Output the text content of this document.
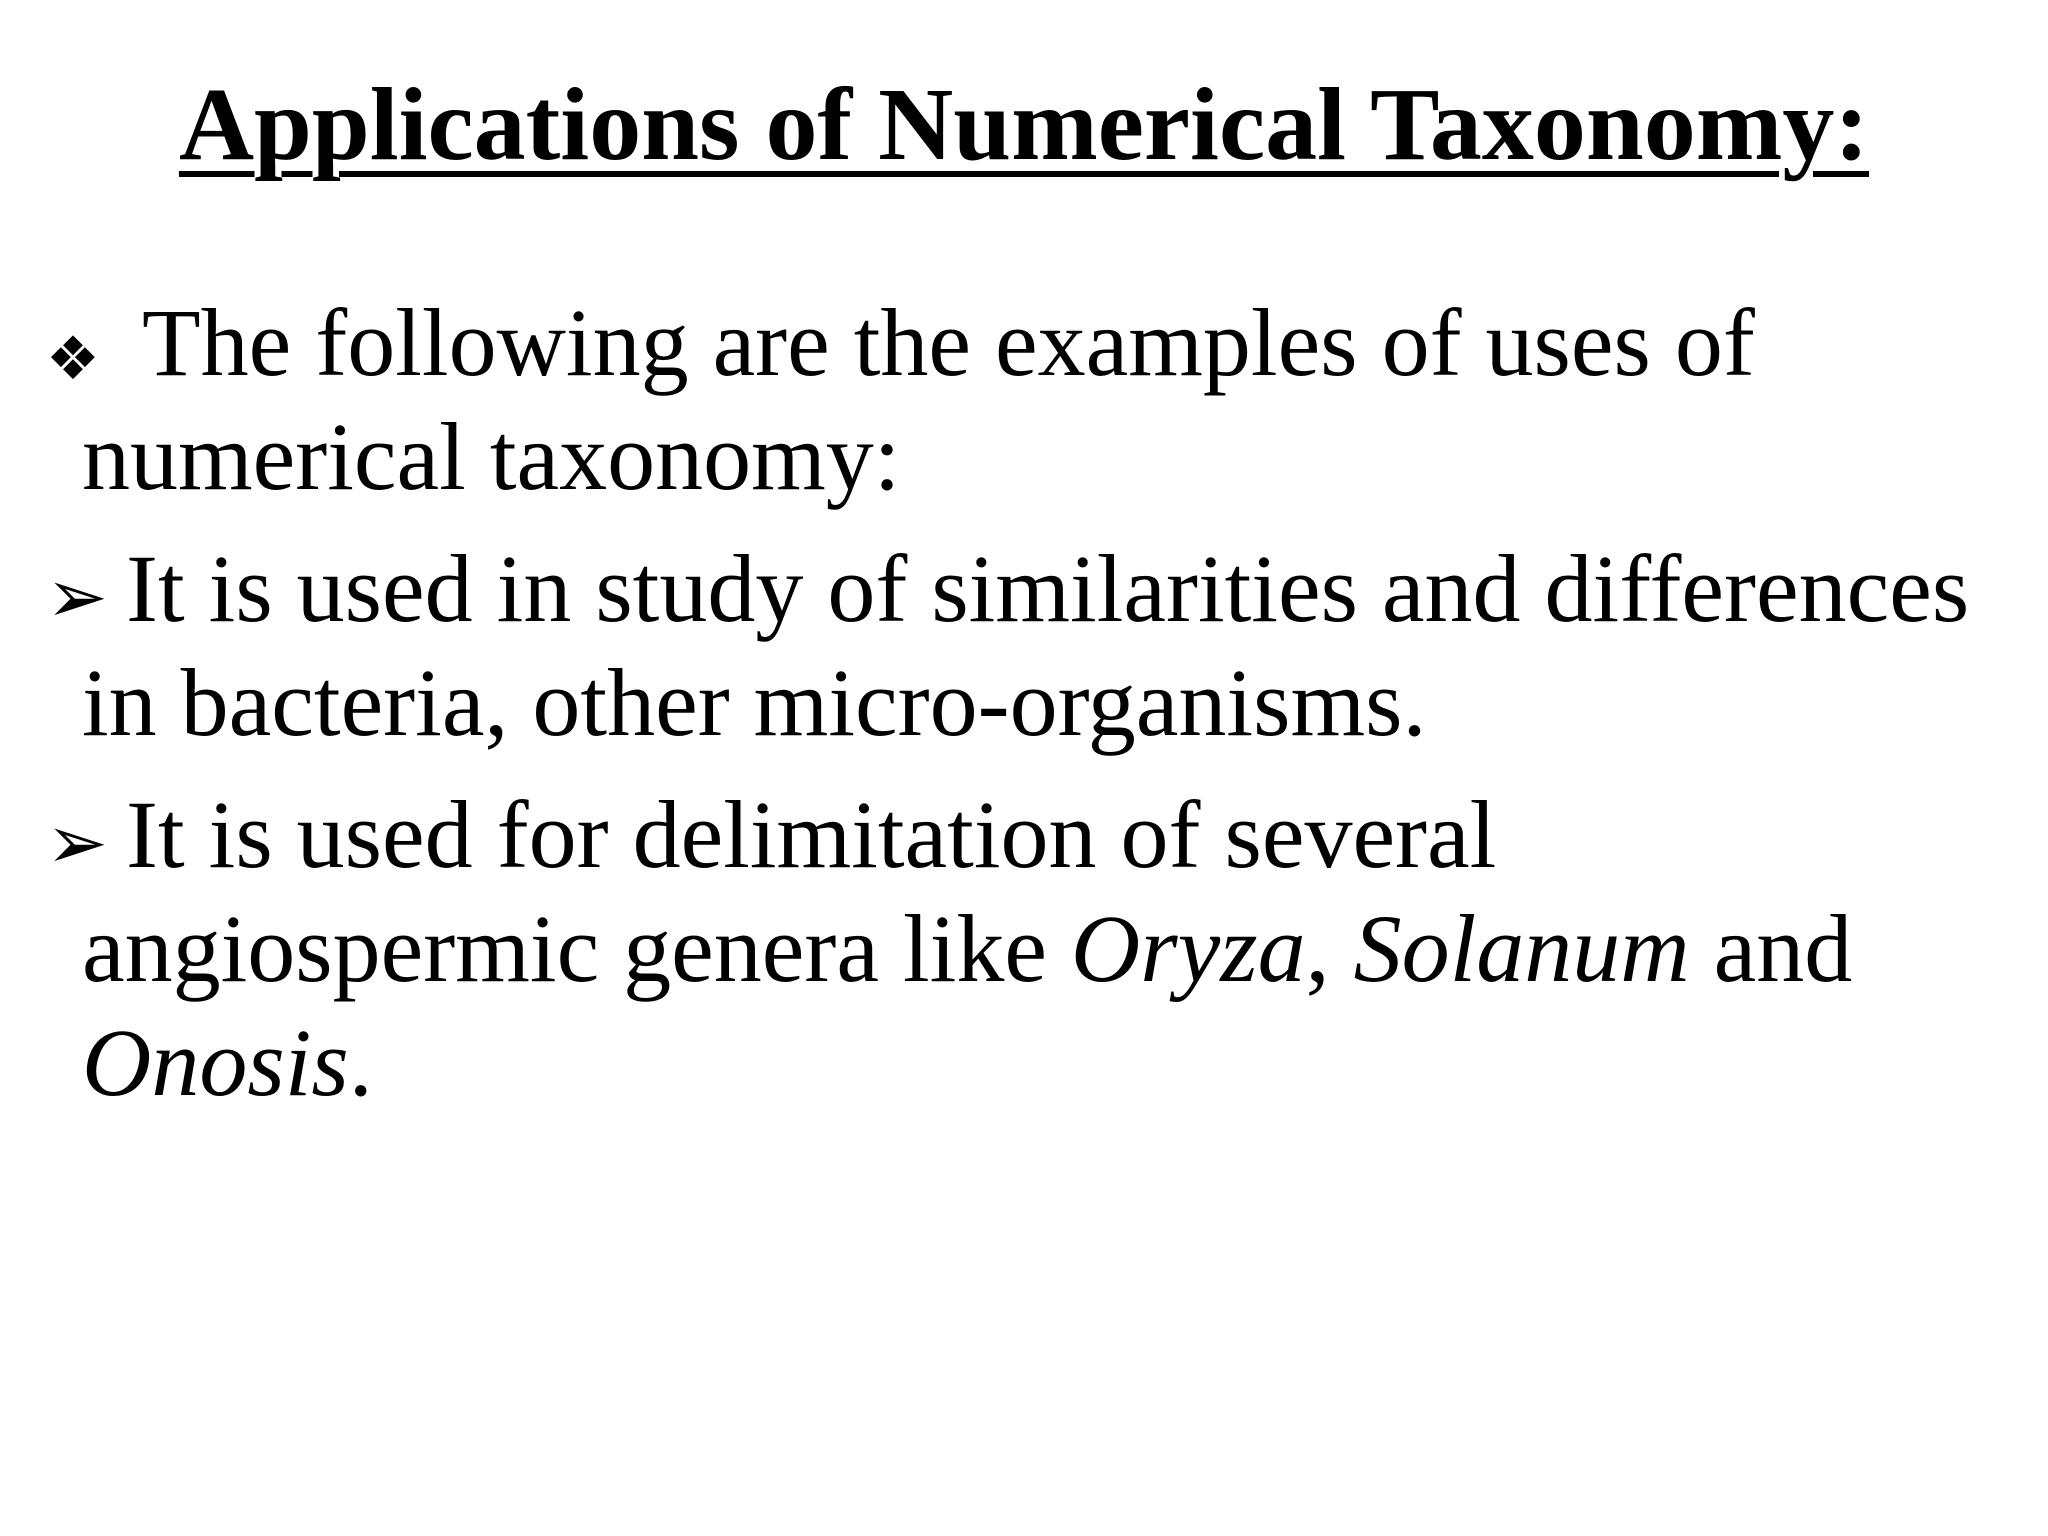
Applications of Numerical Taxonomy:
❖ The following are the examples of uses of numerical taxonomy:
➢ It is used in study of similarities and differences in bacteria, other micro-organisms.
➢ It is used for delimitation of several angiospermic genera like Oryza, Solanum and Onosis.
